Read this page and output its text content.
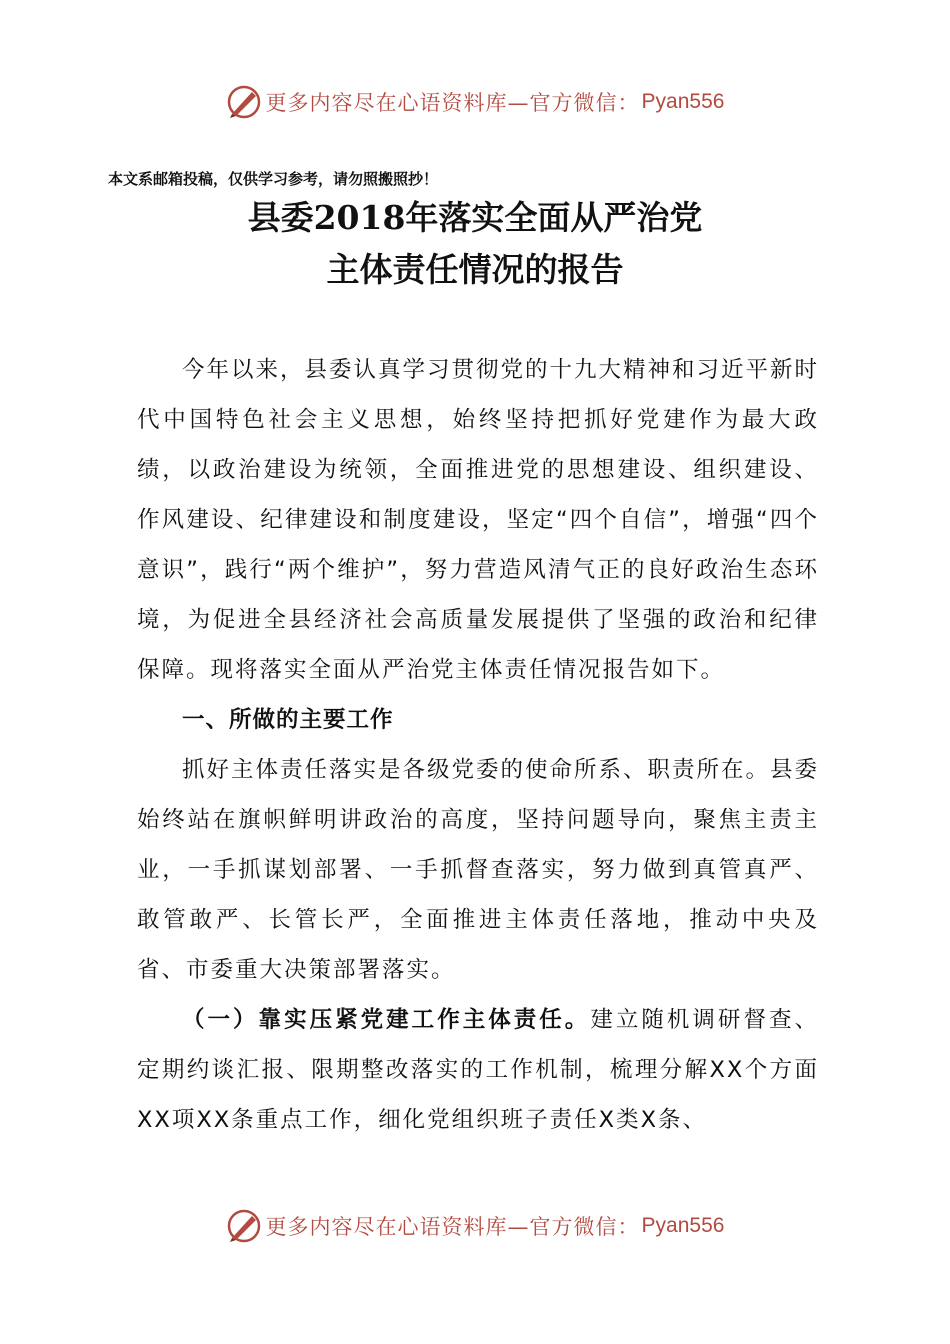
更多内容尽在心语资料库—官方微信： Pyan556
本文系邮箱投稿，仅供学习参考，请勿照搬照抄！
县委2018年落实全面从严治党
主体责任情况的报告

今年以来，县委认真学习贯彻党的十九大精神和习近平新时代中国特色社会主义思想，始终坚持把抓好党建作为最大政绩，以政治建设为统领，全面推进党的思想建设、组织建设、作风建设、纪律建设和制度建设，坚定“四个自信”，增强“四个意识”，践行“两个维护”，努力营造风清气正的良好政治生态环境，为促进全县经济社会高质量发展提供了坚强的政治和纪律保障。现将落实全面从严治党主体责任情况报告如下。

一、所做的主要工作

抓好主体责任落实是各级党委的使命所系、职责所在。县委始终站在旗帜鲜明讲政治的高度，坚持问题导向，聚焦主责主业，一手抓谋划部署、一手抓督查落实，努力做到真管真严、敢管敢严、长管长严，全面推进主体责任落地，推动中央及省、市委重大决策部署落实。

（一）靠实压紧党建工作主体责任。建立随机调研督查、定期约谈汇报、限期整改落实的工作机制，梳理分解XX个方面XX项XX条重点工作，细化党组织班子责任X类X条、

更多内容尽在心语资料库—官方微信： Pyan556
